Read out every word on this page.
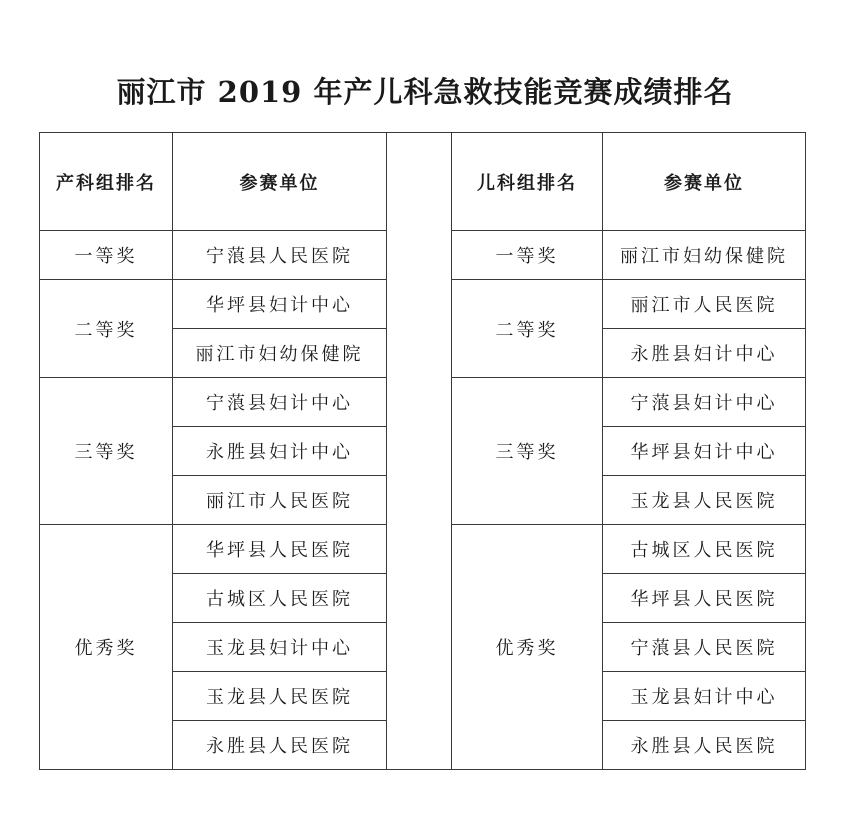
丽江市 2019 年产儿科急救技能竞赛成绩排名
产科组排名	参赛单位		儿科组排名	参赛单位
一等奖	宁蒗县人民医院		一等奖	丽江市妇幼保健院
二等奖	华坪县妇计中心		二等奖	丽江市人民医院
	丽江市妇幼保健院			永胜县妇计中心
三等奖	宁蒗县妇计中心		三等奖	宁蒗县妇计中心
	永胜县妇计中心			华坪县妇计中心
	丽江市人民医院			玉龙县人民医院
优秀奖	华坪县人民医院		优秀奖	古城区人民医院
	古城区人民医院			华坪县人民医院
	玉龙县妇计中心			宁蒗县人民医院
	玉龙县人民医院			玉龙县妇计中心
	永胜县人民医院			永胜县人民医院
